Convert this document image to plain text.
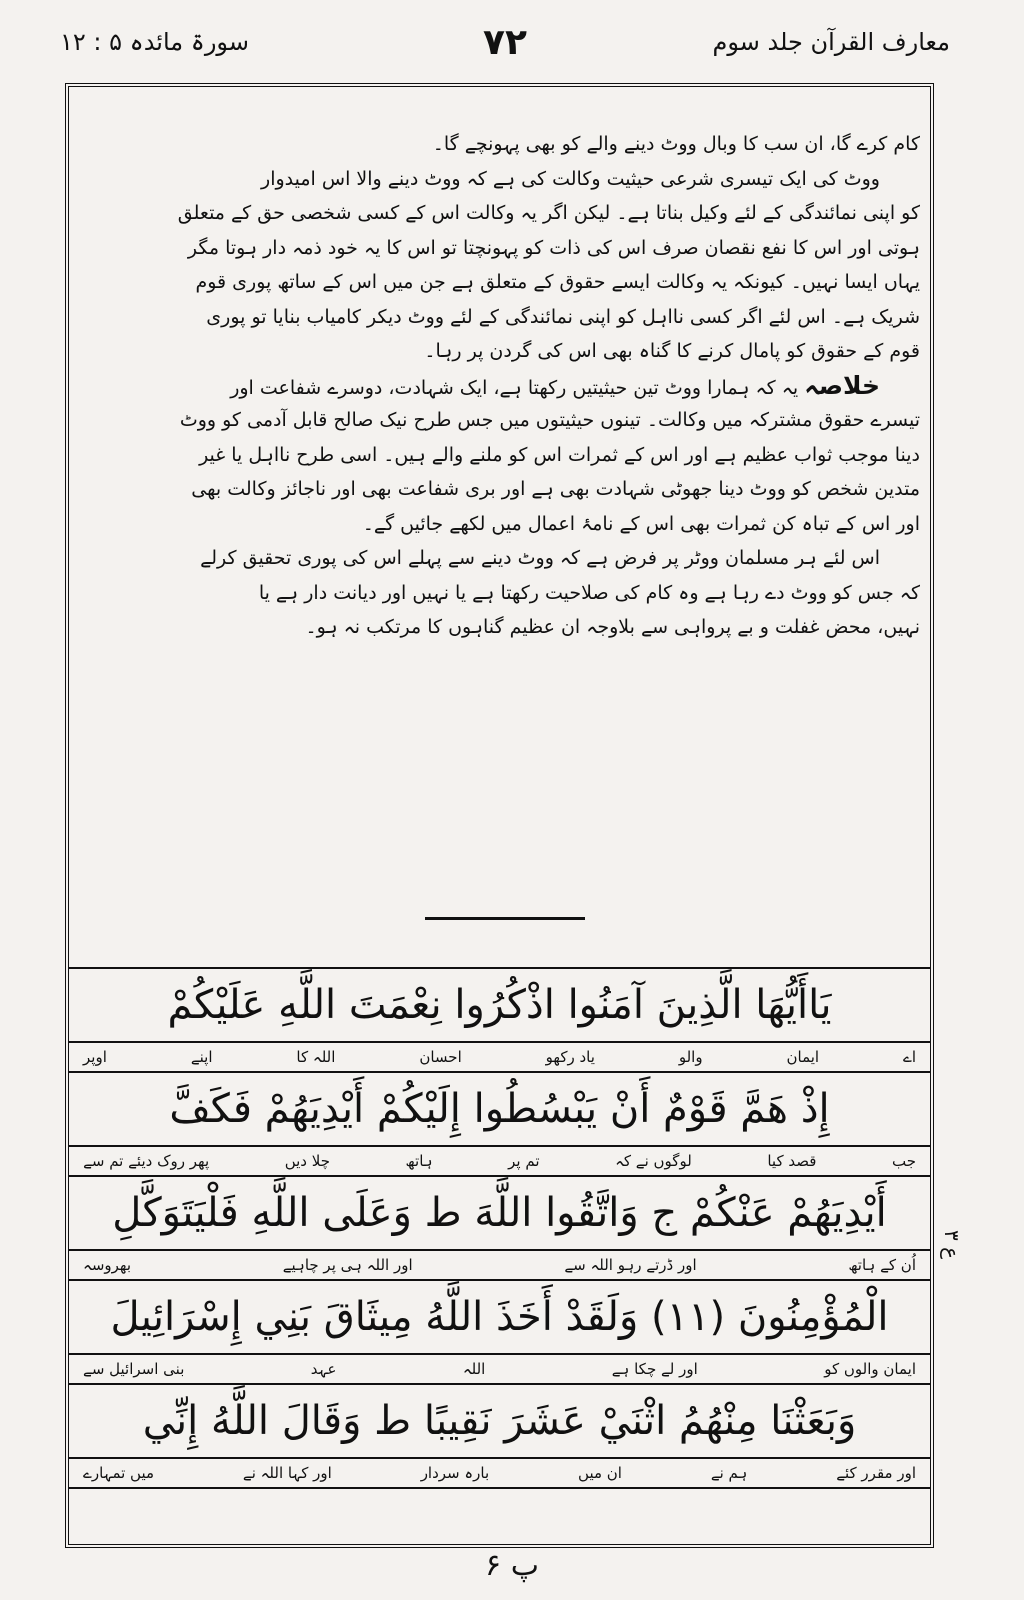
معارف القرآن جلد سوم
۷۲
سورۃ مائدہ ۵ : ۱۲

کام کرے گا، ان سب کا وبال ووٹ دینے والے کو بھی پہونچے گا۔

ووٹ کی ایک تیسری شرعی حیثیت وکالت کی ہے کہ ووٹ دینے والا اس امیدوار

کو اپنی نمائندگی کے لئے وکیل بناتا ہے۔ لیکن اگر یہ وکالت اس کے کسی شخصی حق کے متعلق

ہوتی اور اس کا نفع نقصان صرف اس کی ذات کو پہونچتا تو اس کا یہ خود ذمہ دار ہوتا مگر

یہاں ایسا نہیں۔ کیونکہ یہ وکالت ایسے حقوق کے متعلق ہے جن میں اس کے ساتھ پوری قوم

شریک ہے۔ اس لئے اگر کسی نااہل کو اپنی نمائندگی کے لئے ووٹ دیکر کامیاب بنایا تو پوری

قوم کے حقوق کو پامال کرنے کا گناہ بھی اس کی گردن پر رہا۔

خلاصہ یہ کہ ہمارا ووٹ تین حیثیتیں رکھتا ہے، ایک شہادت، دوسرے شفاعت اور

تیسرے حقوق مشترکہ میں وکالت۔ تینوں حیثیتوں میں جس طرح نیک صالح قابل آدمی کو ووٹ

دینا موجب ثواب عظیم ہے اور اس کے ثمرات اس کو ملنے والے ہیں۔ اسی طرح نااہل یا غیر

متدین شخص کو ووٹ دینا جھوٹی شہادت بھی ہے اور بری شفاعت بھی اور ناجائز وکالت بھی

اور اس کے تباہ کن ثمرات بھی اس کے نامۂ اعمال میں لکھے جائیں گے۔

اس لئے ہر مسلمان ووٹر پر فرض ہے کہ ووٹ دینے سے پہلے اس کی پوری تحقیق کرلے

کہ جس کو ووٹ دے رہا ہے وہ کام کی صلاحیت رکھتا ہے یا نہیں اور دیانت دار ہے یا

نہیں، محض غفلت و بے پرواہی سے بلاوجہ ان عظیم گناہوں کا مرتکب نہ ہو۔

يَاأَيُّهَا الَّذِينَ آمَنُوا اذْكُرُوا نِعْمَتَ اللَّهِ عَلَيْكُمْ
اے
ایمان
والو
یاد رکھو
احسان
اللہ کا
اپنے
اوپر
إِذْ هَمَّ قَوْمٌ أَنْ يَبْسُطُوا إِلَيْكُمْ أَيْدِيَهُمْ فَكَفَّ
جب
قصد کیا
لوگوں نے کہ
تم پر
ہاتھ
چلا دیں
پھر روک دیئے تم سے
أَيْدِيَهُمْ عَنْكُمْ ج وَاتَّقُوا اللَّهَ ط وَعَلَى اللَّهِ فَلْيَتَوَكَّلِ
اُن کے ہاتھ
اور ڈرتے رہو اللہ سے
اور اللہ ہی پر چاہیے
بھروسہ
الْمُؤْمِنُونَ (۱۱) وَلَقَدْ أَخَذَ اللَّهُ مِيثَاقَ بَنِي إِسْرَائِيلَ
ایمان والوں کو
اور لے چکا ہے
اللہ
عہد
بنی اسرائیل سے
وَبَعَثْنَا مِنْهُمُ اثْنَيْ عَشَرَ نَقِيبًا ط وَقَالَ اللَّهُ إِنِّي
اور مقرر کئے
ہم نے
ان میں
بارہ سردار
اور کہا اللہ نے
میں تمہارے
ع ۳
پ ۶
